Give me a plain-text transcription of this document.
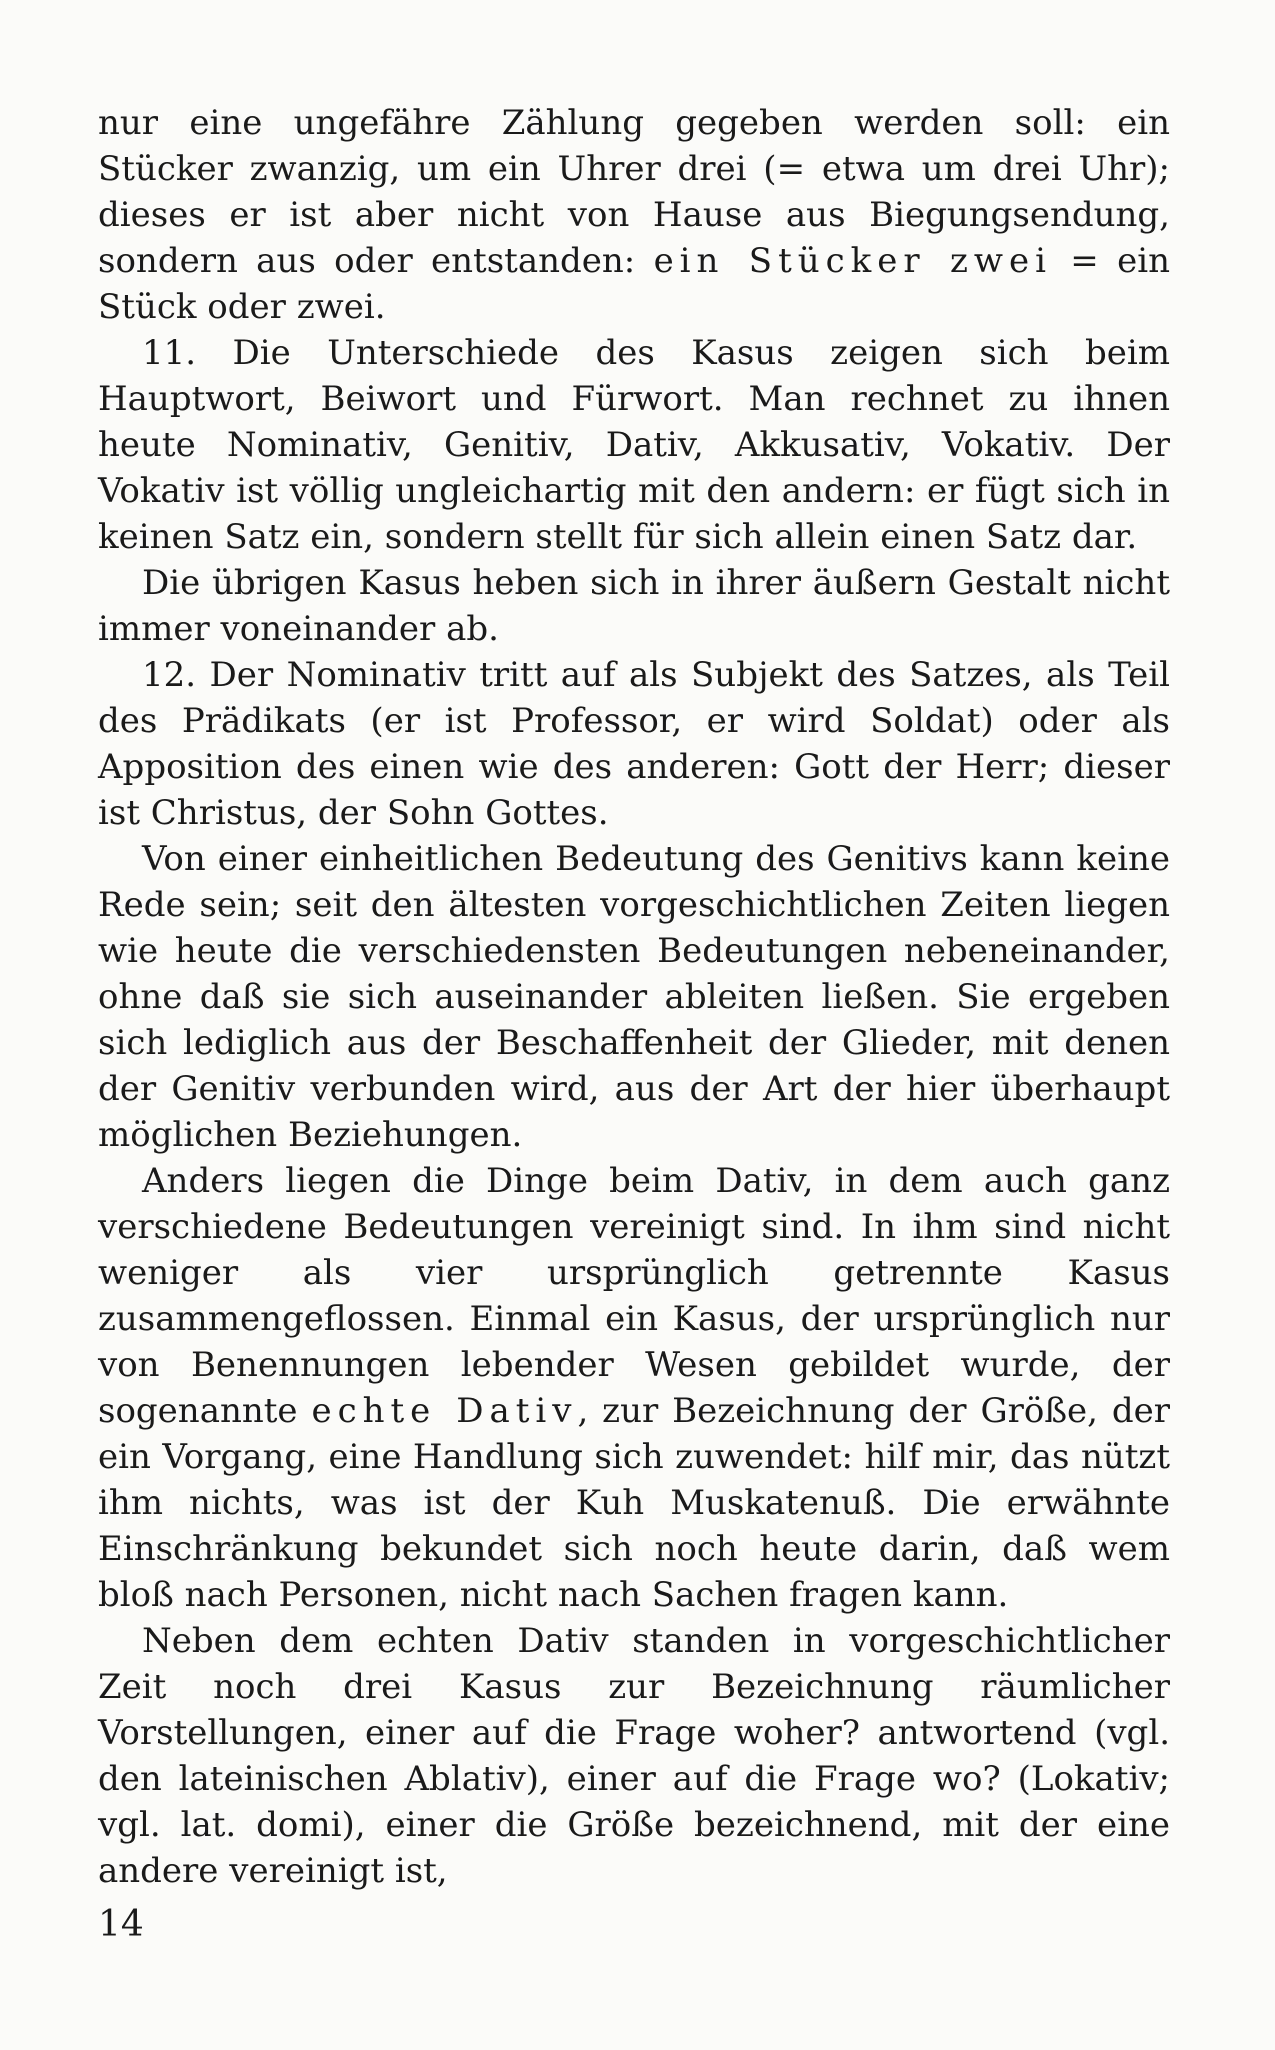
nur eine ungefähre Zählung gegeben werden soll: ein Stücker zwanzig, um ein Uhrer drei (= etwa um drei Uhr); dieses er ist aber nicht von Hause aus Biegungsendung, sondern aus oder entstanden: ein Stücker zwei = ein Stück oder zwei.

11. Die Unterschiede des Kasus zeigen sich beim Hauptwort, Beiwort und Fürwort. Man rechnet zu ihnen heute Nominativ, Genitiv, Dativ, Akkusativ, Vokativ. Der Vokativ ist völlig ungleichartig mit den andern: er fügt sich in keinen Satz ein, sondern stellt für sich allein einen Satz dar.

Die übrigen Kasus heben sich in ihrer äußern Gestalt nicht immer voneinander ab.

12. Der Nominativ tritt auf als Subjekt des Satzes, als Teil des Prädikats (er ist Professor, er wird Soldat) oder als Apposition des einen wie des anderen: Gott der Herr; dieser ist Christus, der Sohn Gottes.

Von einer einheitlichen Bedeutung des Genitivs kann keine Rede sein; seit den ältesten vorgeschichtlichen Zeiten liegen wie heute die verschiedensten Bedeutungen nebeneinander, ohne daß sie sich auseinander ableiten ließen. Sie ergeben sich lediglich aus der Beschaffenheit der Glieder, mit denen der Genitiv verbunden wird, aus der Art der hier überhaupt möglichen Beziehungen.

Anders liegen die Dinge beim Dativ, in dem auch ganz verschiedene Bedeutungen vereinigt sind. In ihm sind nicht weniger als vier ursprünglich getrennte Kasus zusammengeflossen. Einmal ein Kasus, der ursprünglich nur von Benennungen lebender Wesen gebildet wurde, der sogenannte echte Dativ, zur Bezeichnung der Größe, der ein Vorgang, eine Handlung sich zuwendet: hilf mir, das nützt ihm nichts, was ist der Kuh Muskatenuß. Die erwähnte Einschränkung bekundet sich noch heute darin, daß wem bloß nach Personen, nicht nach Sachen fragen kann.

Neben dem echten Dativ standen in vorgeschichtlicher Zeit noch drei Kasus zur Bezeichnung räumlicher Vorstellungen, einer auf die Frage woher? antwortend (vgl. den lateinischen Ablativ), einer auf die Frage wo? (Lokativ; vgl. lat. domi), einer die Größe bezeichnend, mit der eine andere vereinigt ist,

14
